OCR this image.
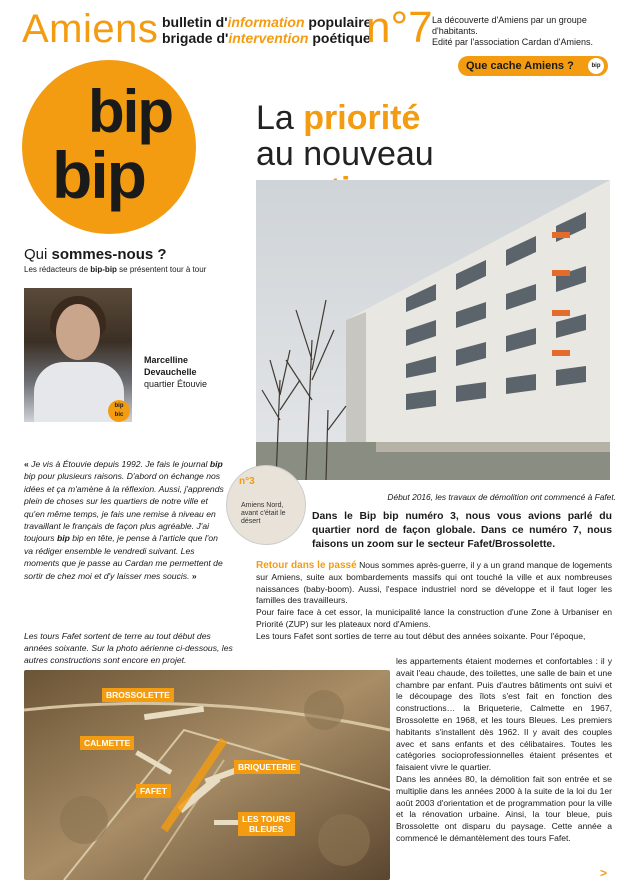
Amiens bulletin d'information populaire
brigade d'intervention poétique
n°7 La découverte d'Amiens par un groupe d'habitants.
Edité par l'association Cardan d'Amiens.
Que cache Amiens ?	bip
bip
bip
La priorité
au nouveau
Qui sommes-nous ?
Les rédacteurs de bip-bip se présentent tour à tour
bip
bic
Marcelline
Devauchelle
quartier Étouvie
« Je vis à Étouvie depuis 1992. Je fais le journal bip bip pour plusieurs raisons. D'abord on échange nos idées et ça m'amène à la réflexion. Aussi, j'apprends plein de choses sur les quartiers de notre ville et qu'en même temps, je fais une remise à niveau en travaillant le français de façon plus agréable. J'ai toujours bip bip en tête, je pense à l'article que l'on va rédiger ensemble le vendredi suivant. Les moments que je passe au Cardan me permettent de sortir de chez moi et d'y laisser mes soucis. »
Les tours Fafet sortent de terre au tout début des années soixante. Sur la photo aérienne ci-dessous, les autres constructions sont encore en projet.
Début 2016, les travaux de démolition ont commencé à Fafet.
n°3
Amiens Nord, avant c'était le désert	Dans le Bip bip numéro 3, nous vous avions parlé du quartier nord de façon globale. Dans ce numéro 7, nous faisons un zoom sur le secteur Fafet/Brossolette.
Retour dans le passé Nous sommes après-guerre, il y a un grand manque de logements sur Amiens, suite aux bombardements massifs qui ont touché la ville et aux nombreuses naissances (baby-boom). Aussi, l'espace industriel nord se développe et il faut loger les familles des travailleurs.
Pour faire face à cet essor, la municipalité lance la construction d'une Zone à Urbaniser en Priorité (ZUP) sur les plateaux nord d'Amiens.
Les tours Fafet sont sorties de terre au tout début des années soixante. Pour l'époque,
les appartements étaient modernes et confortables : il y avait l'eau chaude, des toilettes, une salle de bain et une chambre par enfant. Puis d'autres bâtiments ont suivi et le découpage des îlots s'est fait en fonction des constructions… la Briqueterie, Calmette en 1967, Brossolette en 1968, et les tours Bleues. Les premiers habitants s'installent dès 1962. Il y avait des couples avec et sans enfants et des célibataires. Toutes les catégories socioprofessionnelles étaient présentes et faisaient vivre le quartier.
Dans les années 80, la démolition fait son entrée et se multiplie dans les années 2000 à la suite de la loi du 1er août 2003 d'orientation et de programmation pour la ville et la rénovation urbaine. Ainsi, la tour bleue, puis Brossolette ont disparu du paysage. Cette année a commencé le démantèlement des tours Fafet.
BROSSOLETTE
CALMETTE
BRIQUETERIE
FAFET
LES TOURS
BLEUES
>
